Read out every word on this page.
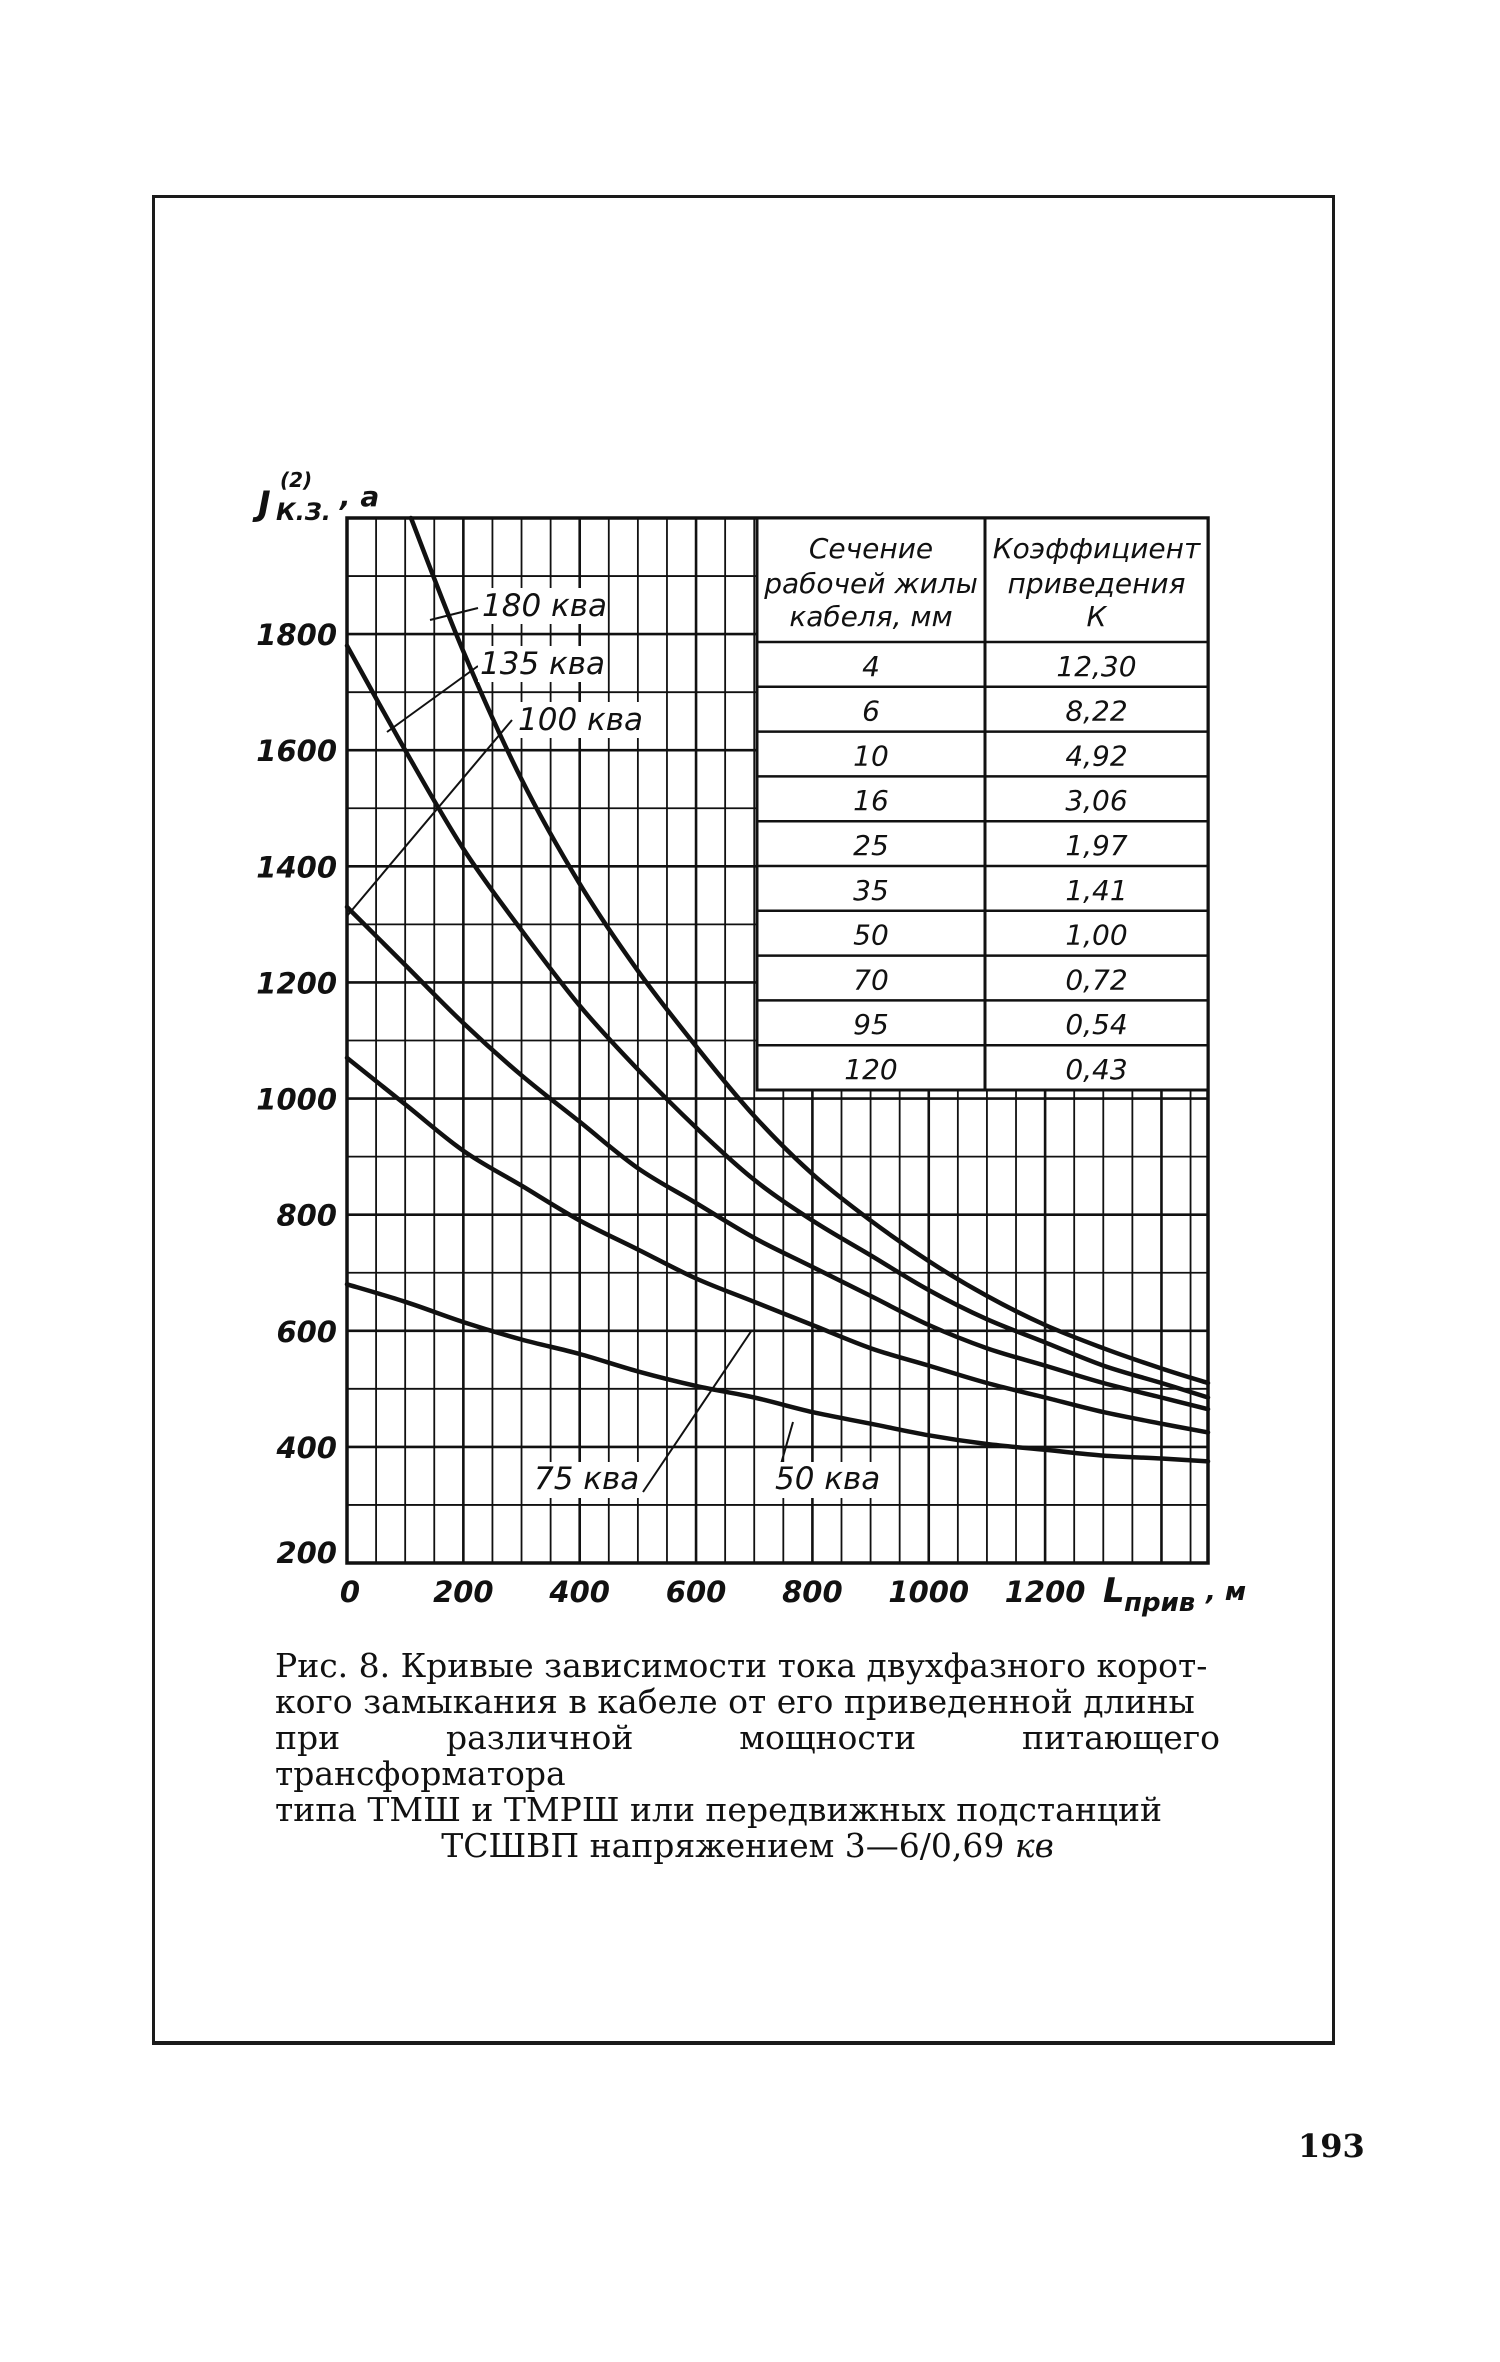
Сечение
рабочей жилы
кабеля, мм
Коэффициент
приведения
К
4	12,30
6	8,22
10	4,92
16	3,06
25	1,97
35	1,41
50	1,00
70	0,72
95	0,54
120	0,43
180 ква
135 ква
100 ква
75 ква	50 ква
0	200 400 600 800 1000 1200
200
400
600
800
1000
1200
1400
1600
1800
J
(2)
К.З. , а
L прив , м
Рис. 8. Кривые зависимости тока двухфазного корот-
кого замыкания в кабеле от его приведенной длины
при различной мощности питающего трансформатора
типа ТМШ и ТМРШ или передвижных подстанций
ТСШВП напряжением 3—6/0,69 кв
193
